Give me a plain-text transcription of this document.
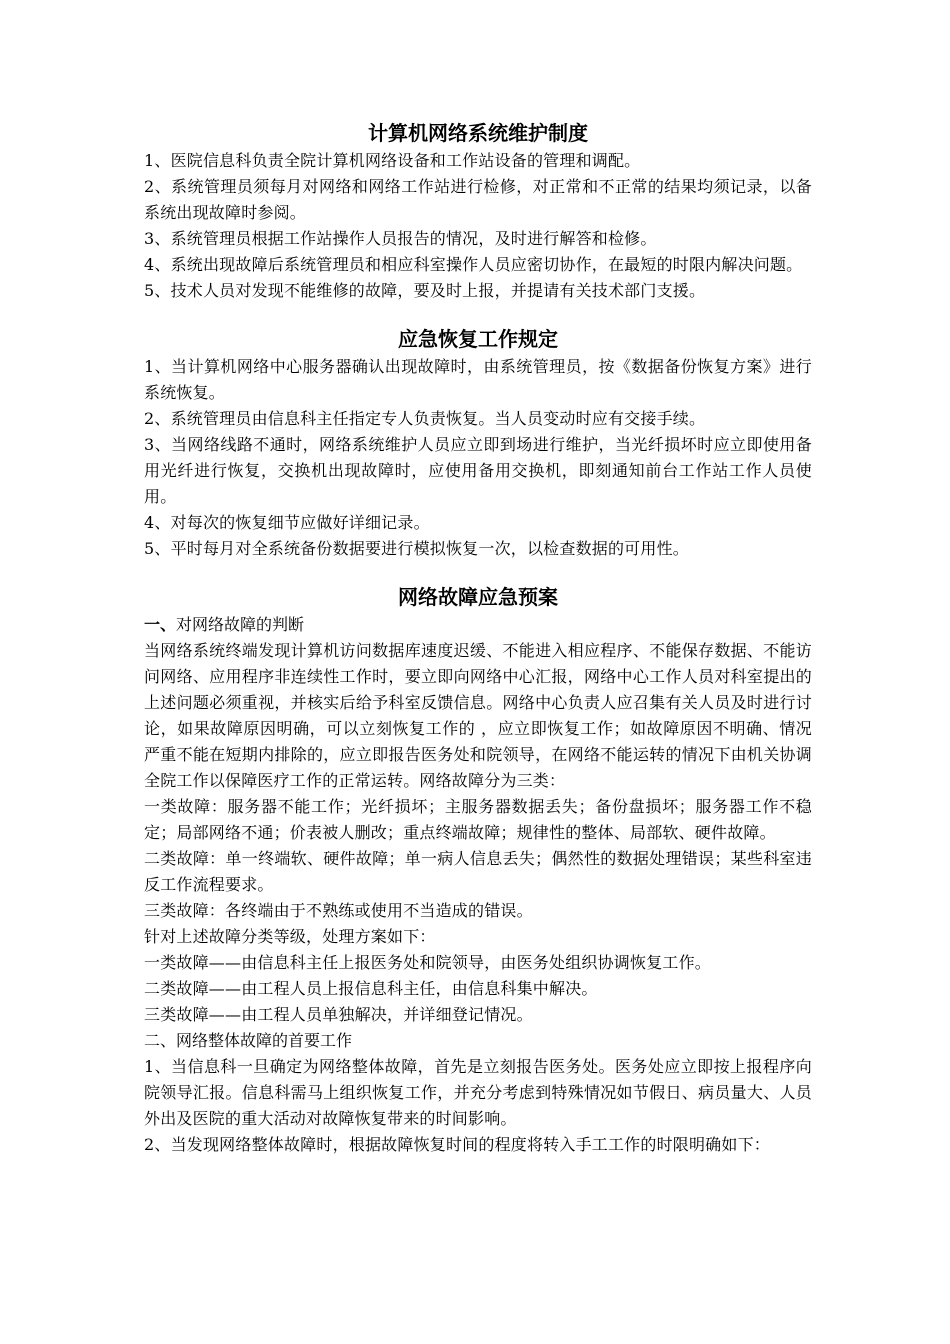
计算机网络系统维护制度

1、医院信息科负责全院计算机网络设备和工作站设备的管理和调配。

2、系统管理员须每月对网络和网络工作站进行检修，对正常和不正常的结果均须记录，以备系统出现故障时参阅。

3、系统管理员根据工作站操作人员报告的情况，及时进行解答和检修。

4、系统出现故障后系统管理员和相应科室操作人员应密切协作，在最短的时限内解决问题。

5、技术人员对发现不能维修的故障，要及时上报，并提请有关技术部门支援。

应急恢复工作规定

1、当计算机网络中心服务器确认出现故障时，由系统管理员，按《数据备份恢复方案》进行系统恢复。

2、系统管理员由信息科主任指定专人负责恢复。当人员变动时应有交接手续。

3、当网络线路不通时，网络系统维护人员应立即到场进行维护，当光纤损坏时应立即使用备用光纤进行恢复，交换机出现故障时，应使用备用交换机，即刻通知前台工作站工作人员使用。

4、对每次的恢复细节应做好详细记录。

5、平时每月对全系统备份数据要进行模拟恢复一次，以检查数据的可用性。

网络故障应急预案

一、对网络故障的判断

当网络系统终端发现计算机访问数据库速度迟缓、不能进入相应程序、不能保存数据、不能访问网络、应用程序非连续性工作时，要立即向网络中心汇报，网络中心工作人员对科室提出的上述问题必须重视，并核实后给予科室反馈信息。网络中心负责人应召集有关人员及时进行讨论，如果故障原因明确，可以立刻恢复工作的 ，应立即恢复工作；如故障原因不明确、情况严重不能在短期内排除的，应立即报告医务处和院领导，在网络不能运转的情况下由机关协调全院工作以保障医疗工作的正常运转。网络故障分为三类：

一类故障：服务器不能工作；光纤损坏；主服务器数据丢失；备份盘损坏；服务器工作不稳定；局部网络不通；价表被人删改；重点终端故障；规律性的整体、局部软、硬件故障。

二类故障：单一终端软、硬件故障；单一病人信息丢失；偶然性的数据处理错误；某些科室违反工作流程要求。

三类故障：各终端由于不熟练或使用不当造成的错误。

针对上述故障分类等级，处理方案如下：

一类故障——由信息科主任上报医务处和院领导，由医务处组织协调恢复工作。

二类故障——由工程人员上报信息科主任，由信息科集中解决。

三类故障——由工程人员单独解决，并详细登记情况。

二、网络整体故障的首要工作

1、当信息科一旦确定为网络整体故障，首先是立刻报告医务处。医务处应立即按上报程序向院领导汇报。信息科需马上组织恢复工作，并充分考虑到特殊情况如节假日、病员量大、人员外出及医院的重大活动对故障恢复带来的时间影响。

2、当发现网络整体故障时，根据故障恢复时间的程度将转入手工工作的时限明确如下：
